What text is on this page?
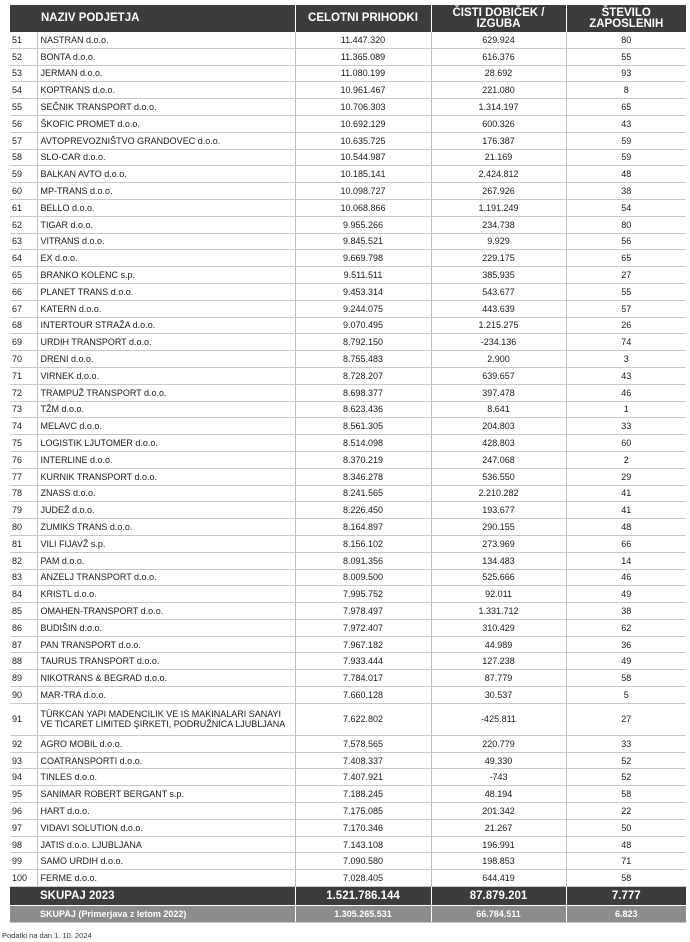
	NAZIV PODJETJA	CELOTNI PRIHODKI	ČISTI DOBIČEK /
IZGUBA	ŠTEVILO
ZAPOSLENIH
51	NASTRAN d.o.o.	11.447.320	629.924	80
52	BONTA d.o.o.	11.365.089	616.376	55
53	JERMAN d.o.o.	11.080.199	28.692	93
54	KOPTRANS d.o.o.	10.961.467	221.080	8
55	SEČNIK TRANSPORT d.o.o.	10.706.303	1.314.197	65
56	ŠKOFIC PROMET d.o.o.	10.692.129	600.326	43
57	AVTOPREVOZNIŠTVO GRANDOVEC d.o.o.	10.635.725	176.387	59
58	SLO-CAR d.o.o.	10.544.987	21.169	59
59	BALKAN AVTO d.o.o.	10.185.141	2.424.812	48
60	MP-TRANS d.o.o.	10.098.727	267.926	38
61	BELLO d.o.o.	10.068.866	1.191.249	54
62	TIGAR d.o.o.	9.955.266	234.738	80
63	VITRANS d.o.o.	9.845.521	9.929	56
64	EX d.o.o.	9.669.798	229.175	65
65	BRANKO KOLENC s.p.	9.511.511	385.935	27
66	PLANET TRANS d.o.o.	9.453.314	543.677	55
67	KATERN d.o.o.	9.244.075	443.639	57
68	INTERTOUR STRAŽA d.o.o.	9.070.495	1.215.275	26
69	URDIH TRANSPORT d.o.o.	8.792.150	-234.136	74
70	DRENI d.o.o.	8.755.483	2.900	3
71	VIRNEK d.o.o.	8.728.207	639.657	43
72	TRAMPUŽ TRANSPORT d.o.o.	8.698.377	397.478	46
73	TŽM d.o.o.	8.623.436	8.641	1
74	MELAVC d.o.o.	8.561.305	204.803	33
75	LOGISTIK LJUTOMER d.o.o.	8.514.098	428.803	60
76	INTERLINE d.o.o.	8.370.219	247.068	2
77	KURNIK TRANSPORT d.o.o.	8.346.278	536.550	29
78	ZNASS d.o.o.	8.241.565	2.210.282	41
79	JUDEŽ d.o.o.	8.226.450	193.677	41
80	ZUMIKS TRANS d.o.o.	8.164.897	290.155	48
81	VILI FIJAVŽ s.p.	8.156.102	273.969	66
82	PAM d.o.o.	8.091.356	134.483	14
83	ANZELJ TRANSPORT d.o.o.	8.009.500	525.666	46
84	KRISTL d.o.o.	7.995.752	92.011	49
85	OMAHEN-TRANSPORT d.o.o.	7.978.497	1.331.712	38
86	BUDIŠIN d.o.o.	7.972.407	310.429	62
87	PAN TRANSPORT d.o.o.	7.967.182	44.989	36
88	TAURUS TRANSPORT d.o.o.	7.933.444	127.238	49
89	NIKOTRANS & BEGRAD d.o.o.	7.784.017	87.779	58
90	MAR-TRA d.o.o.	7.660.128	30.537	5
91	TÜRKCAN YAPI MADENCILIK VE IS MAKINALARI SANAYI VE TICARET LIMITED ŞIRKETI, PODRUŽNICA LJUBLJANA	7.622.802	-425.811	27
92	AGRO MOBIL d.o.o.	7.578.565	220.779	33
93	COATRANSPORTI d.o.o.	7.408.337	49.330	52
94	TINLES d.o.o.	7.407.921	-743	52
95	SANIMAR ROBERT BERGANT s.p.	7.188.245	48.194	58
96	HART d.o.o.	7.175.085	201.342	22
97	VIDAVI SOLUTION d.o.o.	7.170.346	21.267	50
98	JATIS d.o.o. LJUBLJANA	7.143.108	196.991	48
99	SAMO URDIH d.o.o.	7.090.580	198.853	71
100	FERME d.o.o.	7.028.405	644.419	58
SKUPAJ 2023		1.521.786.144	87.879.201	7.777
SKUPAJ (Primerjava z letom 2022)		1.305.265.531	66.784.511	6.823
Podatki na dan 1. 10. 2024
